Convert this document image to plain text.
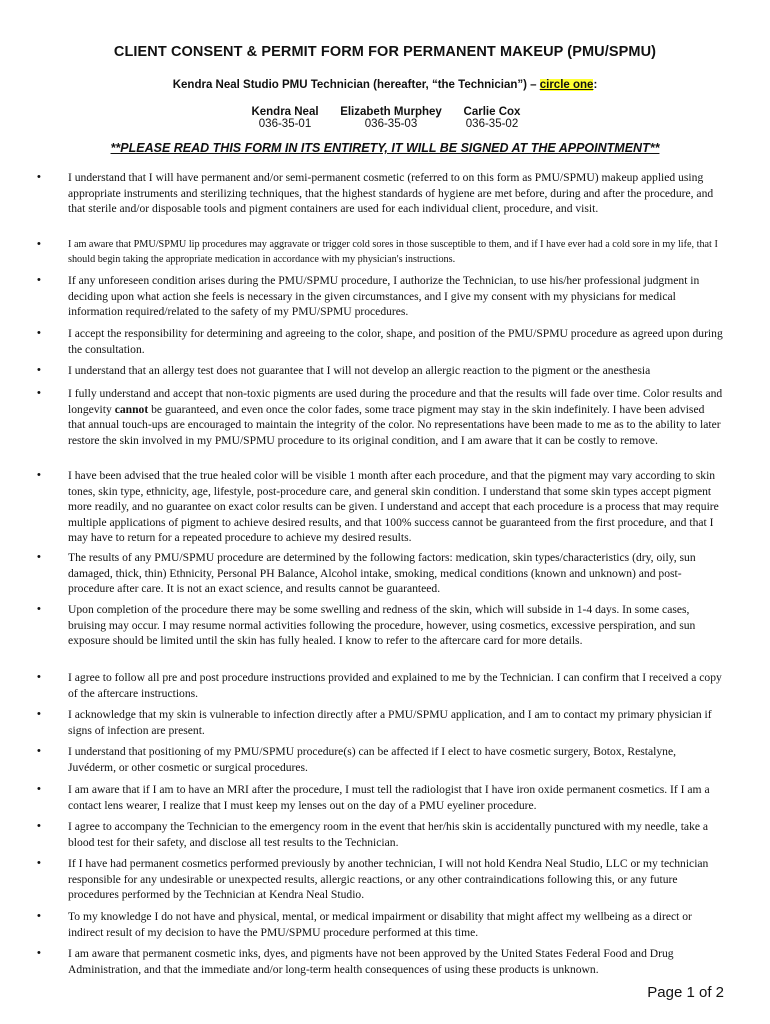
CLIENT CONSENT & PERMIT FORM FOR PERMANENT MAKEUP (PMU/SPMU)
Kendra Neal Studio PMU Technician (hereafter, “the Technician”) – circle one:
Kendra Neal
036-35-01
Elizabeth Murphey
036-35-03
Carlie Cox
036-35-02
**PLEASE READ THIS FORM IN ITS ENTIRETY, IT WILL BE SIGNED AT THE APPOINTMENT**
• I understand that I will have permanent and/or semi-permanent cosmetic (referred to on this form as PMU/SPMU) makeup applied using appropriate instruments and sterilizing techniques, that the highest standards of hygiene are met before, during and after the procedure, and that sterile and/or disposable tools and pigment containers are used for each individual client, procedure, and visit.
•	I am aware that PMU/SPMU lip procedures may aggravate or trigger cold sores in those susceptible to them, and if I have ever had a cold sore in my life, that I should begin taking the appropriate medication in accordance with my physician's instructions.
• If any unforeseen condition arises during the PMU/SPMU procedure, I authorize the Technician, to use his/her professional judgment in deciding upon what action she feels is necessary in the given circumstances, and I give my consent with my physicians for medical information required/related to the safety of my PMU/SPMU procedures.
• I accept the responsibility for determining and agreeing to the color, shape, and position of the PMU/SPMU procedure as agreed upon during the consultation.
• I understand that an allergy test does not guarantee that I will not develop an allergic reaction to the pigment or the anesthesia
• I fully understand and accept that non-toxic pigments are used during the procedure and that the results will fade over time. Color results and longevity cannot be guaranteed, and even once the color fades, some trace pigment may stay in the skin indefinitely. I have been advised that annual touch-ups are encouraged to maintain the integrity of the color. No representations have been made to me as to the ability to later restore the skin involved in my PMU/SPMU procedure to its original condition, and I am aware that it can be costly to remove.
• I have been advised that the true healed color will be visible 1 month after each procedure, and that the pigment may vary according to skin tones, skin type, ethnicity, age, lifestyle, post-procedure care, and general skin condition. I understand that some skin types accept pigment more readily, and no guarantee on exact color results can be given. I understand and accept that each procedure is a process that may require multiple applications of pigment to achieve desired results, and that 100% success cannot be guaranteed from the first procedure, and that I may have to return for a repeated procedure to achieve my desired results.
• The results of any PMU/SPMU procedure are determined by the following factors: medication, skin types/characteristics (dry, oily, sun damaged, thick, thin) Ethnicity, Personal PH Balance, Alcohol intake, smoking, medical conditions (known and unknown) and post-procedure after care. It is not an exact science, and results cannot be guaranteed.
• Upon completion of the procedure there may be some swelling and redness of the skin, which will subside in 1-4 days. In some cases, bruising may occur. I may resume normal activities following the procedure, however, using cosmetics, excessive perspiration, and sun exposure should be limited until the skin has fully healed. I know to refer to the aftercare card for more details.
• I agree to follow all pre and post procedure instructions provided and explained to me by the Technician. I can confirm that I received a copy of the aftercare instructions.
• I acknowledge that my skin is vulnerable to infection directly after a PMU/SPMU application, and I am to contact my primary physician if signs of infection are present.
• I understand that positioning of my PMU/SPMU procedure(s) can be affected if I elect to have cosmetic surgery, Botox, Restalyne, Juvéderm, or other cosmetic or surgical procedures.
• I am aware that if I am to have an MRI after the procedure, I must tell the radiologist that I have iron oxide permanent cosmetics. If I am a contact lens wearer, I realize that I must keep my lenses out on the day of a PMU eyeliner procedure.
• I agree to accompany the Technician to the emergency room in the event that her/his skin is accidentally punctured with my needle, take a blood test for their safety, and disclose all test results to the Technician.
• If I have had permanent cosmetics performed previously by another technician, I will not hold Kendra Neal Studio, LLC or my technician responsible for any undesirable or unexpected results, allergic reactions, or any other contraindications following this, or any future procedures performed by the Technician at Kendra Neal Studio.
• To my knowledge I do not have and physical, mental, or medical impairment or disability that might affect my wellbeing as a direct or indirect result of my decision to have the PMU/SPMU procedure performed at this time.
• I am aware that permanent cosmetic inks, dyes, and pigments have not been approved by the United States Federal Food and Drug Administration, and that the immediate and/or long-term health consequences of using these products is unknown.
Page 1 of 2
